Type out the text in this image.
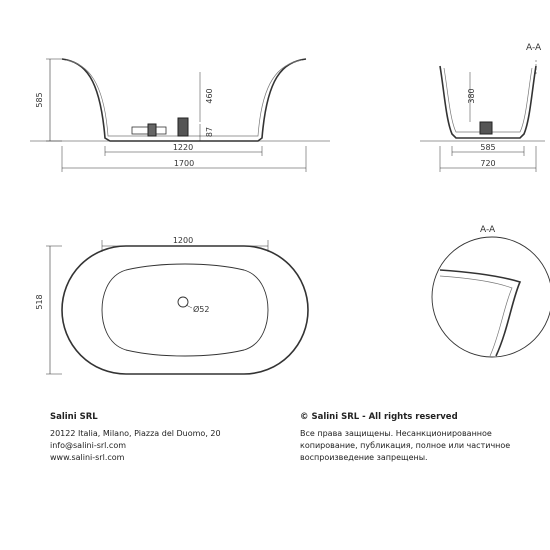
585	460
87
1220
1700
A-A
380
585
720
1200
518	Ø52
A-A

Salini SRL

20122 Italia, Milano, Piazza del Duomo, 20

info@salini-srl.com

www.salini-srl.com

© Salini SRL - All rights reserved

Все права защищены. Несанкционированное

копирование, публикация, полное или частичное

воспроизведение запрещены.
